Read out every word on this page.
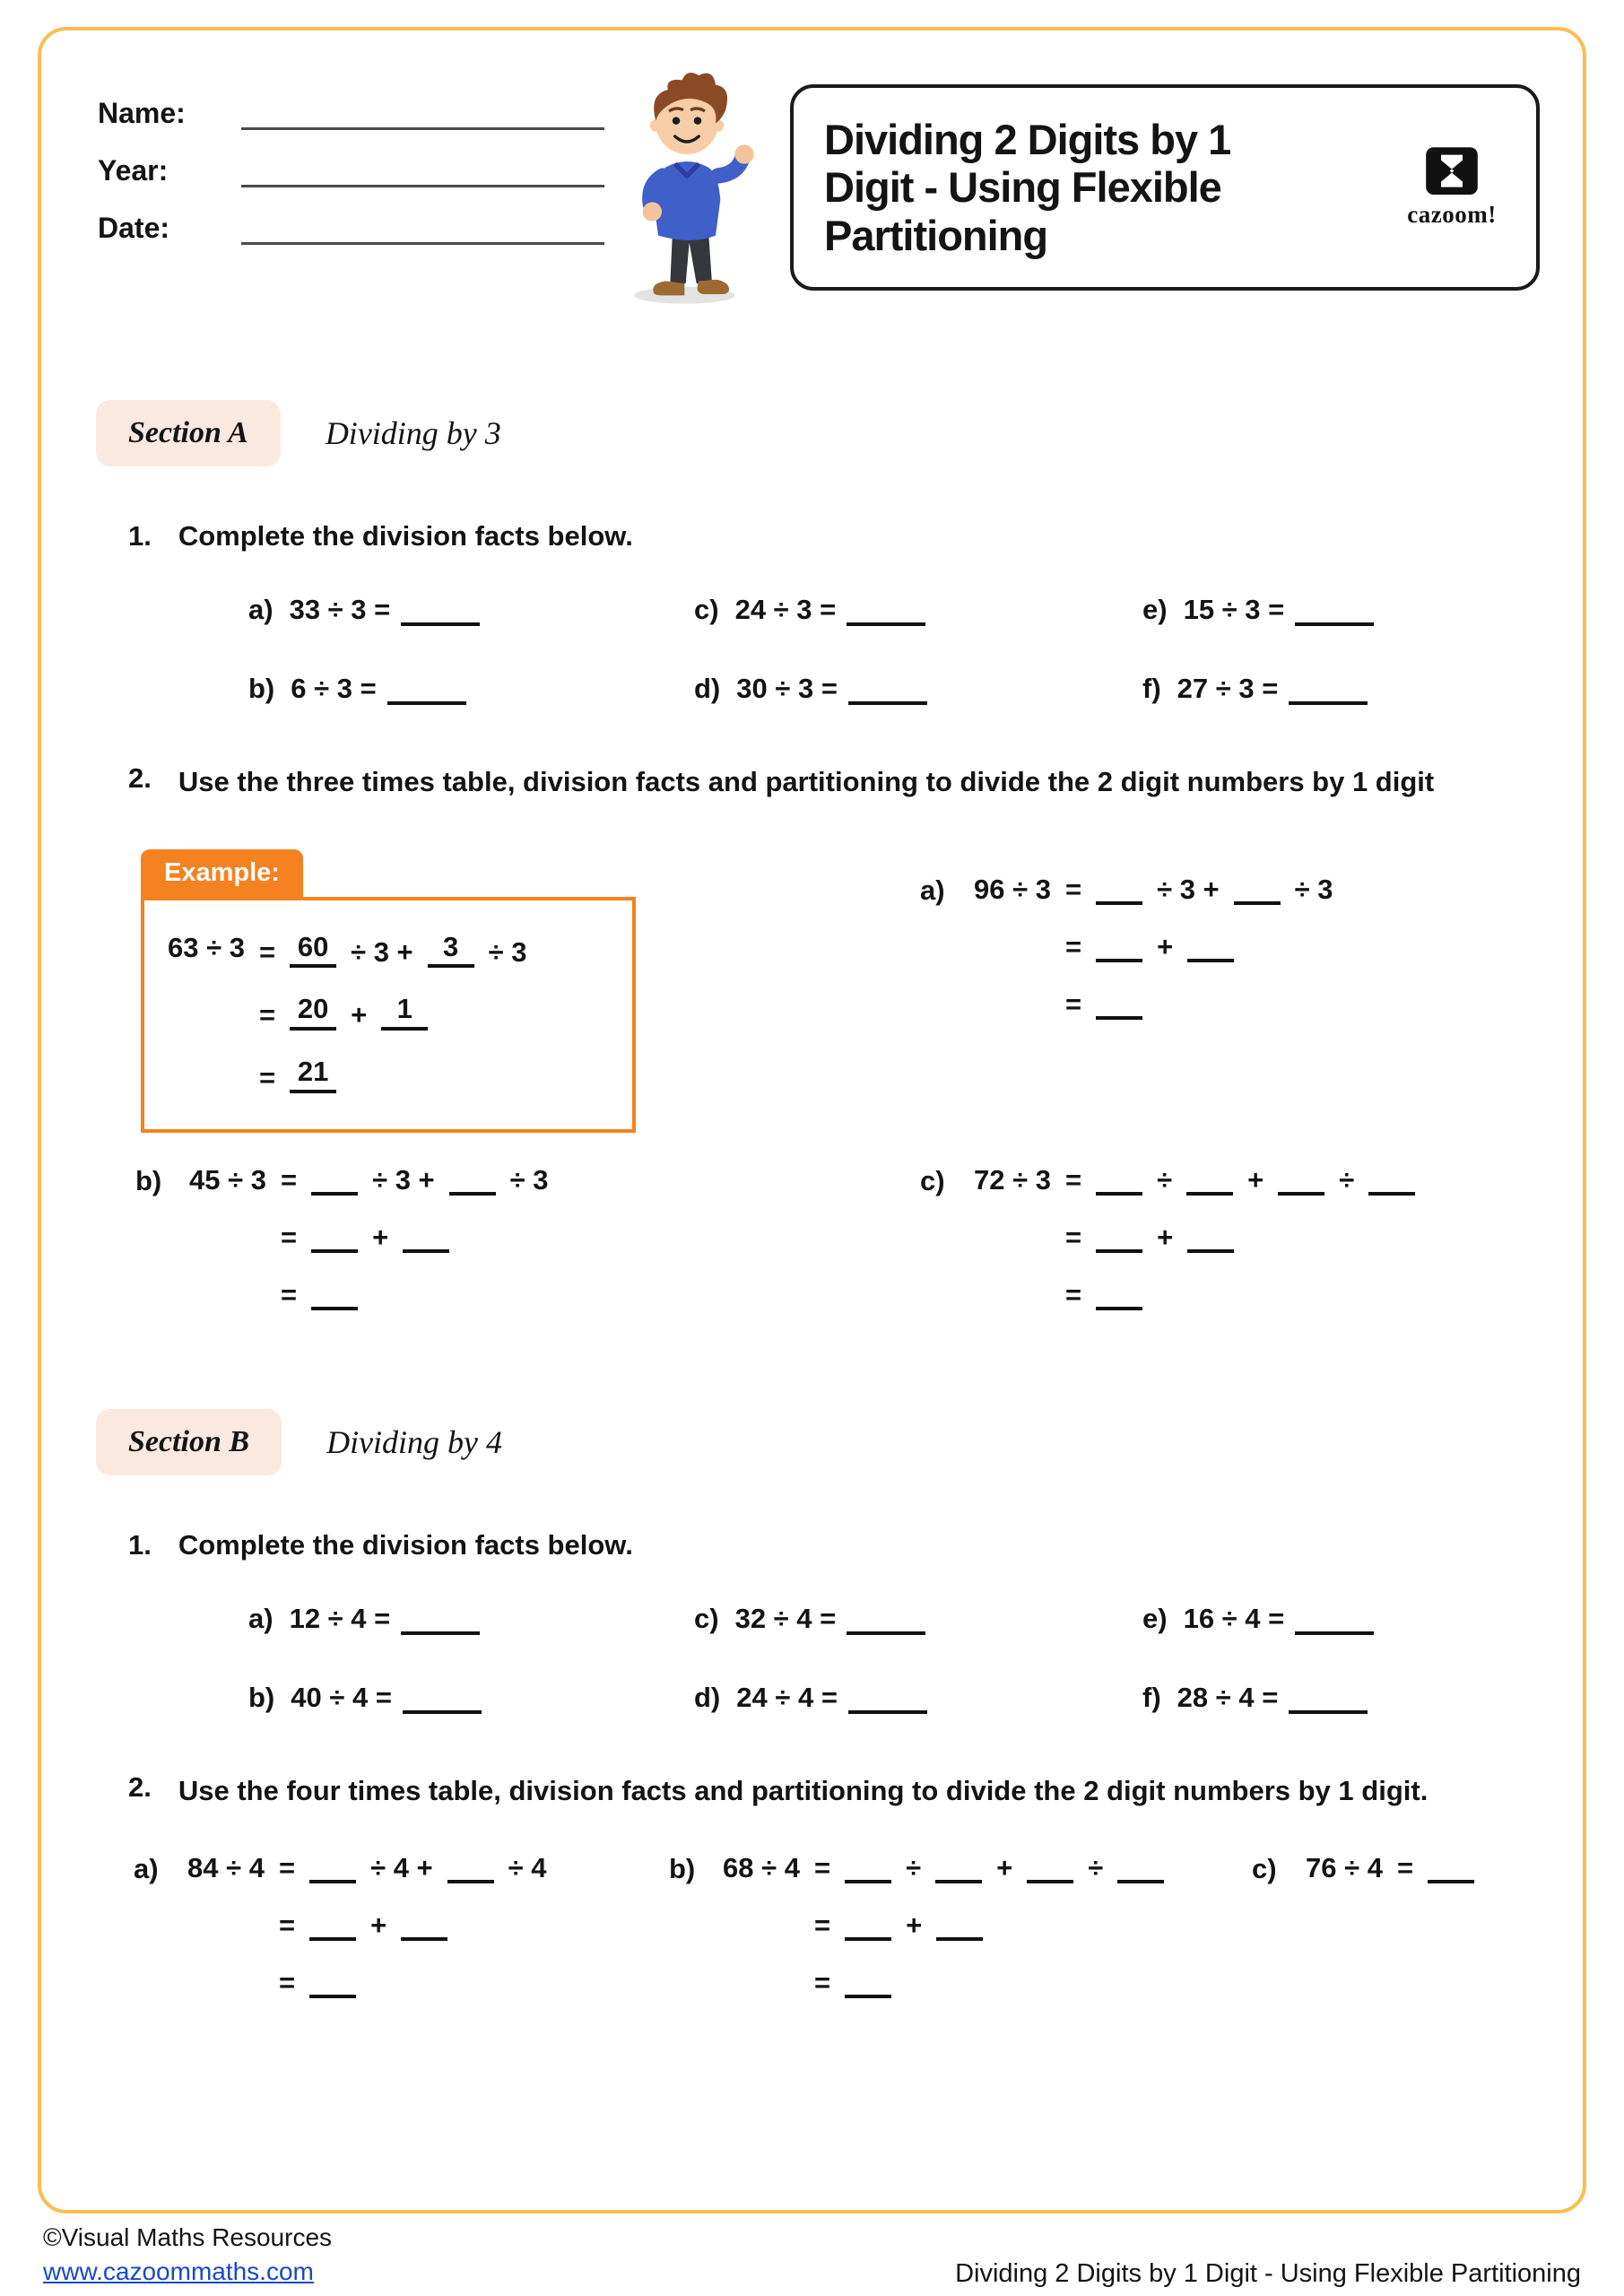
Name:
Year:
Date:
Dividing 2 Digits by 1
Digit - Using Flexible
Partitioning	cazoom!
Section A	Dividing by 3
1. Complete the division facts below.
a) 33 ÷ 3 =	c) 24 ÷ 3 =	e) 15 ÷ 3 =
b) 6 ÷ 3 =	d) 30 ÷ 3 =	f) 27 ÷ 3 =
2. Use the three times table, division facts and partitioning to divide the 2 digit numbers by 1 digit
Example:
63 ÷ 3 = 60 ÷ 3 +	3	÷ 3
= 20 +	1
= 21
a)	96 ÷ 3 =	÷ 3 +	÷ 3
=	+
=
b) 45 ÷ 3 =	÷ 3 +	÷ 3
=	+
=
c)	72 ÷ 3 =	÷	+	÷
=	+
=
Section B	Dividing by 4
1. Complete the division facts below.
a) 12 ÷ 4 =	c) 32 ÷ 4 =	e) 16 ÷ 4 =
b) 40 ÷ 4 =	d) 24 ÷ 4 =	f) 28 ÷ 4 =
2. Use the four times table, division facts and partitioning to divide the 2 digit numbers by 1 digit.
a)	84 ÷ 4 =	÷ 4 +	÷ 4
=	+
=
b) 68 ÷ 4 =	÷	+	÷
=	+
=
c)	76 ÷ 4 =
©Visual Maths Resources
www.cazoommaths.com	Dividing 2 Digits by 1 Digit - Using Flexible Partitioning
